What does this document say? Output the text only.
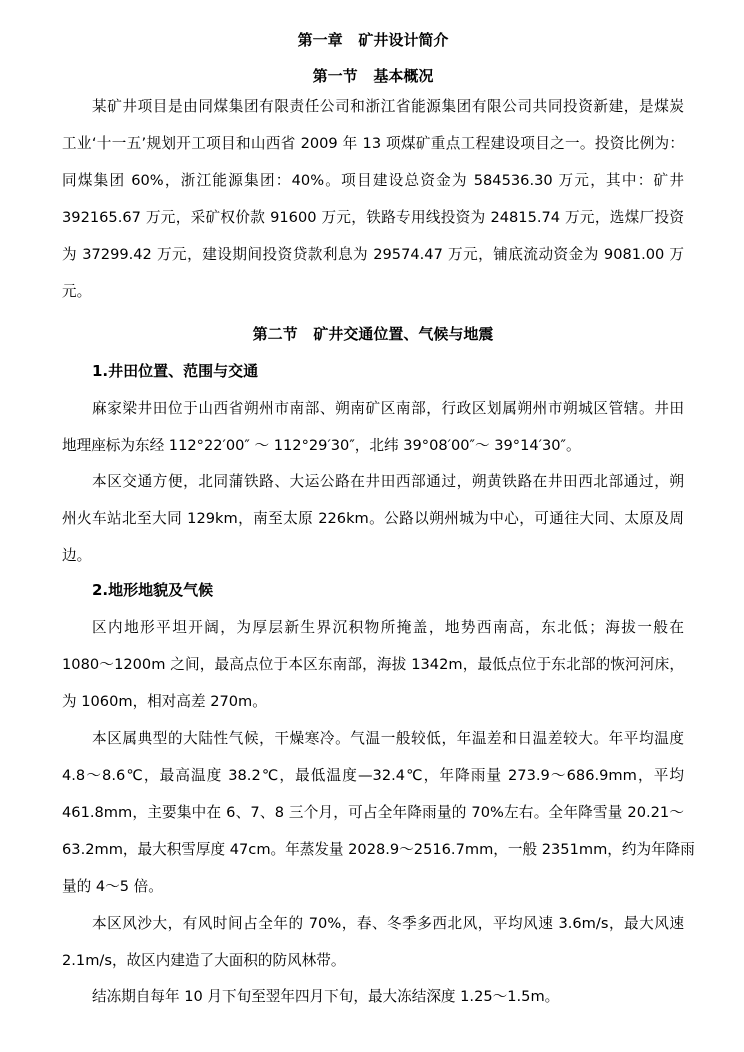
第一章   矿井设计简介
第一节   基本概况
某矿井项目是由同煤集团有限责任公司和浙江省能源集团有限公司共同投资新建，是煤炭
工业‘十一五’规划开工项目和山西省 2009 年 13 项煤矿重点工程建设项目之一。投资比例为：
同煤集团 60%，浙江能源集团：40%。项目建设总资金为 584536.30 万元，其中：矿井
392165.67 万元，采矿权价款 91600 万元，铁路专用线投资为 24815.74 万元，选煤厂投资
为 37299.42 万元，建设期间投资贷款利息为 29574.47 万元，铺底流动资金为 9081.00 万
元。
第二节   矿井交通位置、气候与地震
1.井田位置、范围与交通
麻家梁井田位于山西省朔州市南部、朔南矿区南部，行政区划属朔州市朔城区管辖。井田
地理座标为东经 112°22′00″ ～ 112°29′30″，北纬 39°08′00″～ 39°14′30″。
本区交通方便，北同蒲铁路、大运公路在井田西部通过，朔黄铁路在井田西北部通过，朔
州火车站北至大同 129km，南至太原 226km。公路以朔州城为中心，可通往大同、太原及周
边。
2.地形地貌及气候
区内地形平坦开阔，为厚层新生界沉积物所掩盖，地势西南高，东北低；海拔一般在
1080～1200m 之间，最高点位于本区东南部，海拔 1342m，最低点位于东北部的恢河河床，
为 1060m，相对高差 270m。
本区属典型的大陆性气候，干燥寒冷。气温一般较低，年温差和日温差较大。年平均温度
4.8～8.6℃，最高温度 38.2℃，最低温度—32.4℃，年降雨量 273.9～686.9mm，平均
461.8mm，主要集中在 6、7、8 三个月，可占全年降雨量的 70%左右。全年降雪量 20.21～
63.2mm，最大积雪厚度 47cm。年蒸发量 2028.9～2516.7mm，一般 2351mm，约为年降雨
量的 4～5 倍。
本区风沙大，有风时间占全年的 70%，春、冬季多西北风，平均风速 3.6m/s，最大风速
2.1m/s，故区内建造了大面积的防风林带。
结冻期自每年 10 月下旬至翌年四月下旬，最大冻结深度 1.25～1.5m。
